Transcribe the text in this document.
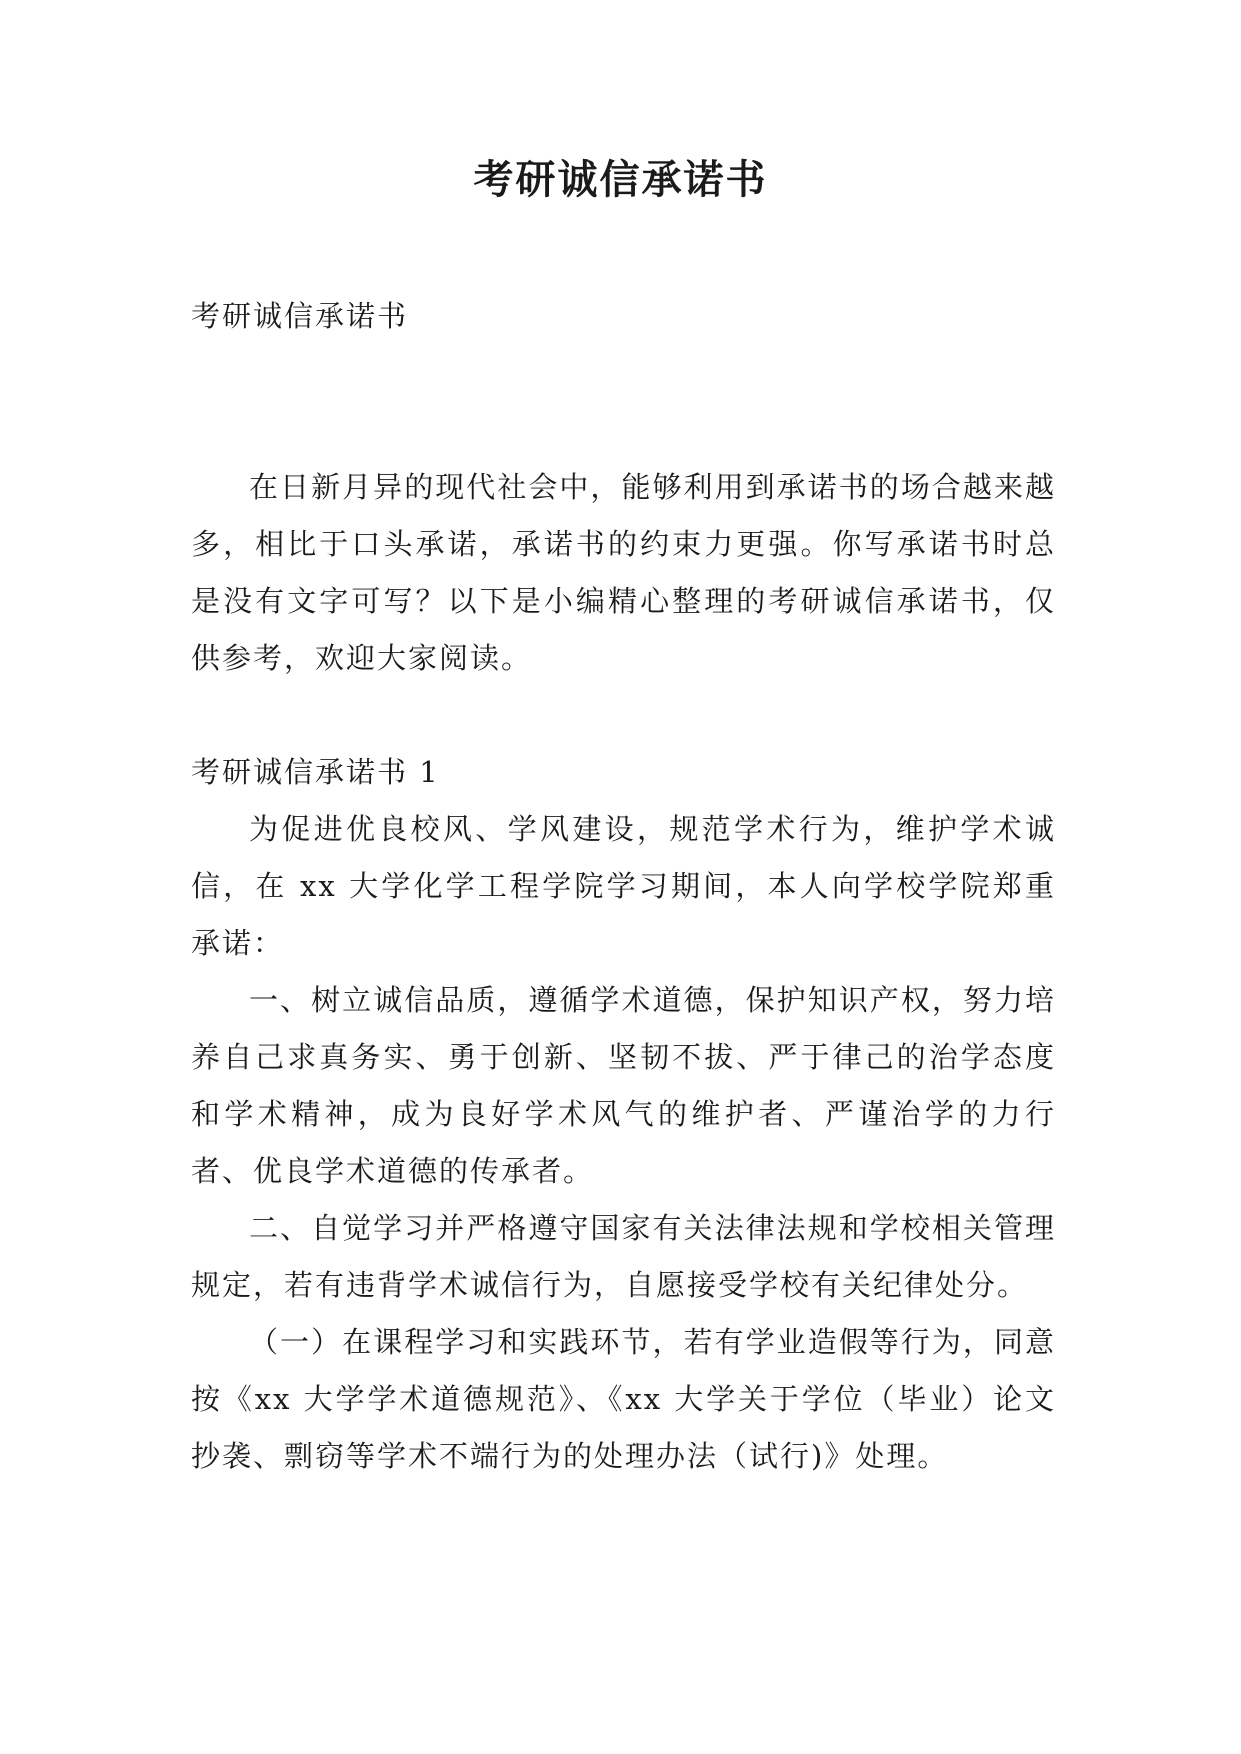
考研诚信承诺书

考研诚信承诺书

在日新月异的现代社会中，能够利用到承诺书的场合越来越多，相比于口头承诺，承诺书的约束力更强。你写承诺书时总是没有文字可写？以下是小编精心整理的考研诚信承诺书，仅供参考，欢迎大家阅读。

考研诚信承诺书 1

为促进优良校风、学风建设，规范学术行为，维护学术诚信，在 xx 大学化学工程学院学习期间，本人向学校学院郑重承诺：

一、树立诚信品质，遵循学术道德，保护知识产权，努力培养自己求真务实、勇于创新、坚韧不拔、严于律己的治学态度和学术精神，成为良好学术风气的维护者、严谨治学的力行者、优良学术道德的传承者。

二、自觉学习并严格遵守国家有关法律法规和学校相关管理规定，若有违背学术诚信行为，自愿接受学校有关纪律处分。

（一）在课程学习和实践环节，若有学业造假等行为，同意按《xx 大学学术道德规范》、《xx 大学关于学位（毕业）论文抄袭、剽窃等学术不端行为的处理办法（试行)》处理。
